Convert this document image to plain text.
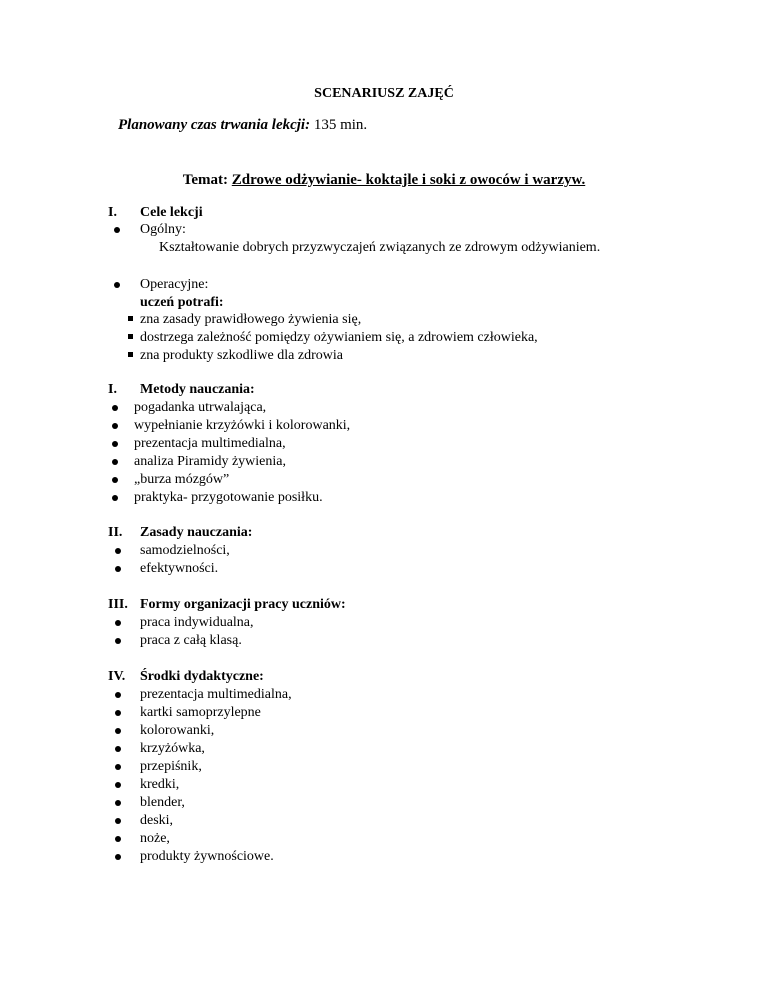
SCENARIUSZ ZAJĘĆ
Planowany czas trwania lekcji: 135 min.
Temat: Zdrowe odżywianie- koktajle i soki z owoców i warzyw.
I. Cele lekcji
Ogólny:
Kształtowanie dobrych przyzwyczajeń związanych ze zdrowym odżywianiem.
Operacyjne:
uczeń potrafi:
zna zasady prawidłowego żywienia się,
dostrzega zależność pomiędzy ożywianiem się, a zdrowiem człowieka,
zna produkty szkodliwe dla zdrowia
I. Metody nauczania:
pogadanka utrwalająca,
wypełnianie krzyżówki i kolorowanki,
prezentacja multimedialna,
analiza Piramidy żywienia,
„burza mózgów”
praktyka- przygotowanie posiłku.
II. Zasady nauczania:
samodzielności,
efektywności.
III. Formy organizacji pracy uczniów:
praca indywidualna,
praca z całą klasą.
IV. Środki dydaktyczne:
prezentacja multimedialna,
kartki samoprzylepne
kolorowanki,
krzyżówka,
przepiśnik,
kredki,
blender,
deski,
noże,
produkty żywnościowe.
